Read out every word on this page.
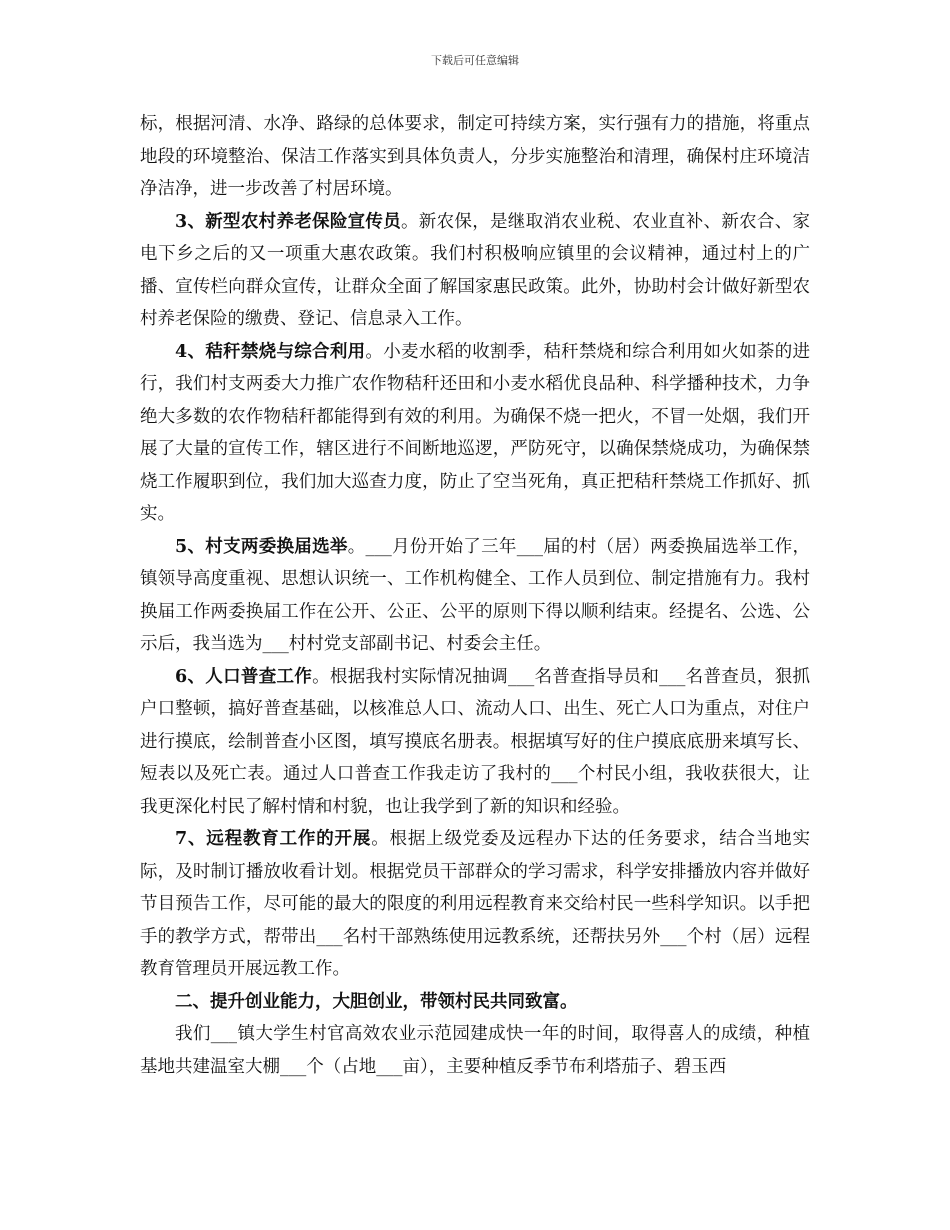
下载后可任意编辑

标，根据河清、水净、路绿的总体要求，制定可持续方案，实行强有力的措施，将重点地段的环境整治、保洁工作落实到具体负责人，分步实施整治和清理，确保村庄环境洁净洁净，进一步改善了村居环境。

3、新型农村养老保险宣传员。新农保，是继取消农业税、农业直补、新农合、家电下乡之后的又一项重大惠农政策。我们村积极响应镇里的会议精神，通过村上的广播、宣传栏向群众宣传，让群众全面了解国家惠民政策。此外，协助村会计做好新型农村养老保险的缴费、登记、信息录入工作。

4、秸秆禁烧与综合利用。小麦水稻的收割季，秸秆禁烧和综合利用如火如荼的进行，我们村支两委大力推广农作物秸秆还田和小麦水稻优良品种、科学播种技术，力争绝大多数的农作物秸秆都能得到有效的利用。为确保不烧一把火，不冒一处烟，我们开展了大量的宣传工作，辖区进行不间断地巡逻，严防死守，以确保禁烧成功，为确保禁烧工作履职到位，我们加大巡查力度，防止了空当死角，真正把秸秆禁烧工作抓好、抓实。

5、村支两委换届选举。___月份开始了三年___届的村（居）两委换届选举工作，镇领导高度重视、思想认识统一、工作机构健全、工作人员到位、制定措施有力。我村换届工作两委换届工作在公开、公正、公平的原则下得以顺利结束。经提名、公选、公示后，我当选为___村村党支部副书记、村委会主任。

6、人口普查工作。根据我村实际情况抽调___名普查指导员和___名普查员，狠抓户口整顿，搞好普查基础，以核准总人口、流动人口、出生、死亡人口为重点，对住户进行摸底，绘制普查小区图，填写摸底名册表。根据填写好的住户摸底底册来填写长、短表以及死亡表。通过人口普查工作我走访了我村的___个村民小组，我收获很大，让我更深化村民了解村情和村貌，也让我学到了新的知识和经验。

7、远程教育工作的开展。根据上级党委及远程办下达的任务要求，结合当地实际，及时制订播放收看计划。根据党员干部群众的学习需求，科学安排播放内容并做好节目预告工作，尽可能的最大的限度的利用远程教育来交给村民一些科学知识。以手把手的教学方式，帮带出___名村干部熟练使用远教系统，还帮扶另外___个村（居）远程教育管理员开展远教工作。

二、提升创业能力，大胆创业，带领村民共同致富。

我们___镇大学生村官高效农业示范园建成快一年的时间，取得喜人的成绩，种植基地共建温室大棚___个（占地___亩），主要种植反季节布利塔茄子、碧玉西
